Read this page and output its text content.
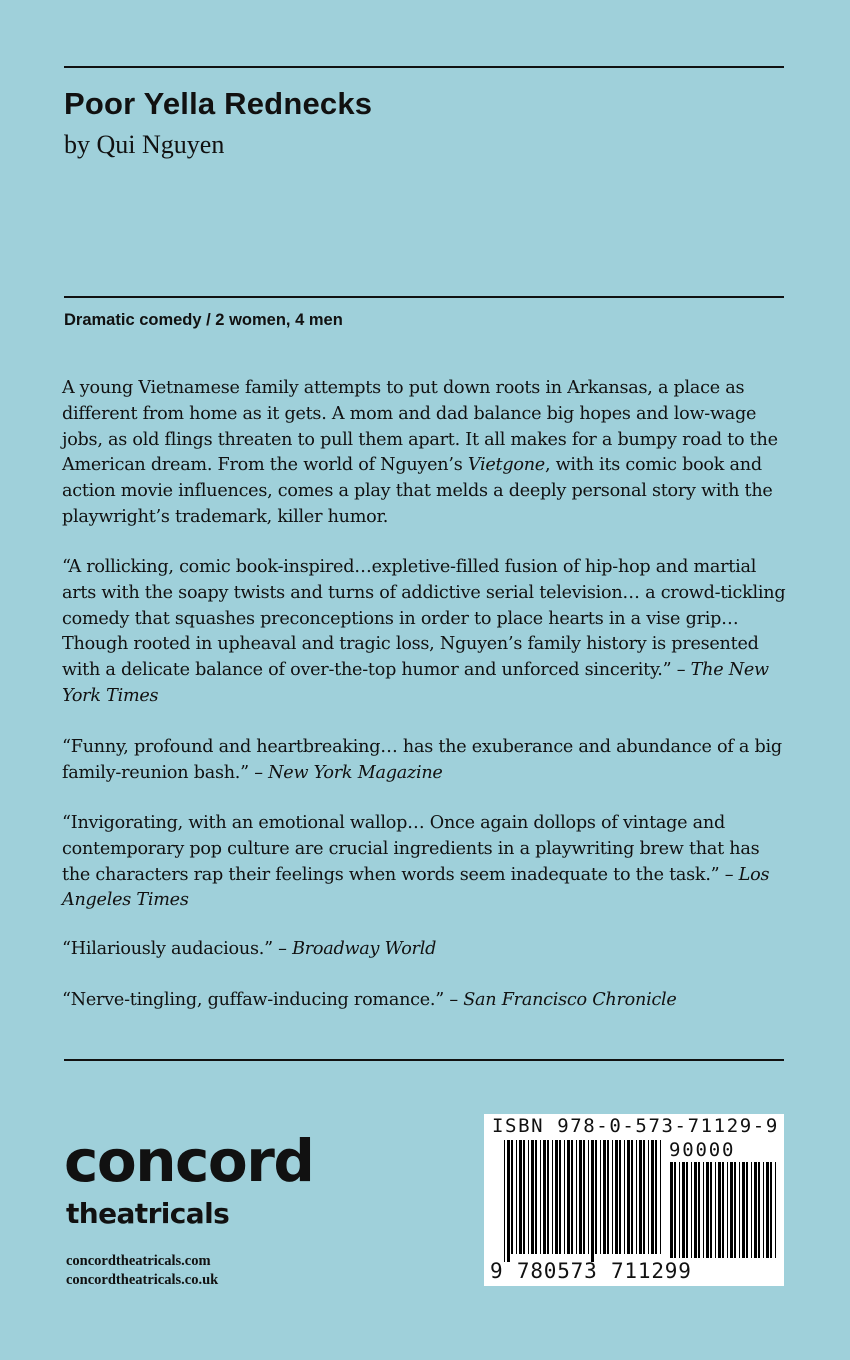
Poor Yella Rednecks
by Qui Nguyen
Dramatic comedy / 2 women, 4 men

A young Vietnamese family attempts to put down roots in Arkansas, a place as different from home as it gets. A mom and dad balance big hopes and low-wage jobs, as old flings threaten to pull them apart. It all makes for a bumpy road to the American dream. From the world of Nguyen’s Vietgone, with its comic book and action movie influences, comes a play that melds a deeply personal story with the playwright’s trademark, killer humor.

“A rollicking, comic book-inspired…expletive-filled fusion of hip-hop and martial arts with the soapy twists and turns of addictive serial television… a crowd-tickling comedy that squashes preconceptions in order to place hearts in a vise grip… Though rooted in upheaval and tragic loss, Nguyen’s family history is presented with a delicate balance of over-the-top humor and unforced sincerity.” – The New York Times

“Funny, profound and heartbreaking… has the exuberance and abundance of a big family-reunion bash.” – New York Magazine

“Invigorating, with an emotional wallop… Once again dollops of vintage and contemporary pop culture are crucial ingredients in a playwriting brew that has the characters rap their feelings when words seem inadequate to the task.” – Los Angeles Times

“Hilariously audacious.” – Broadway World

“Nerve-tingling, guffaw-inducing romance.” – San Francisco Chronicle

concord
theatricals
concordtheatricals.com
concordtheatricals.co.uk
ISBN 978-0-573-71129-9
90000
9 780573 711299
